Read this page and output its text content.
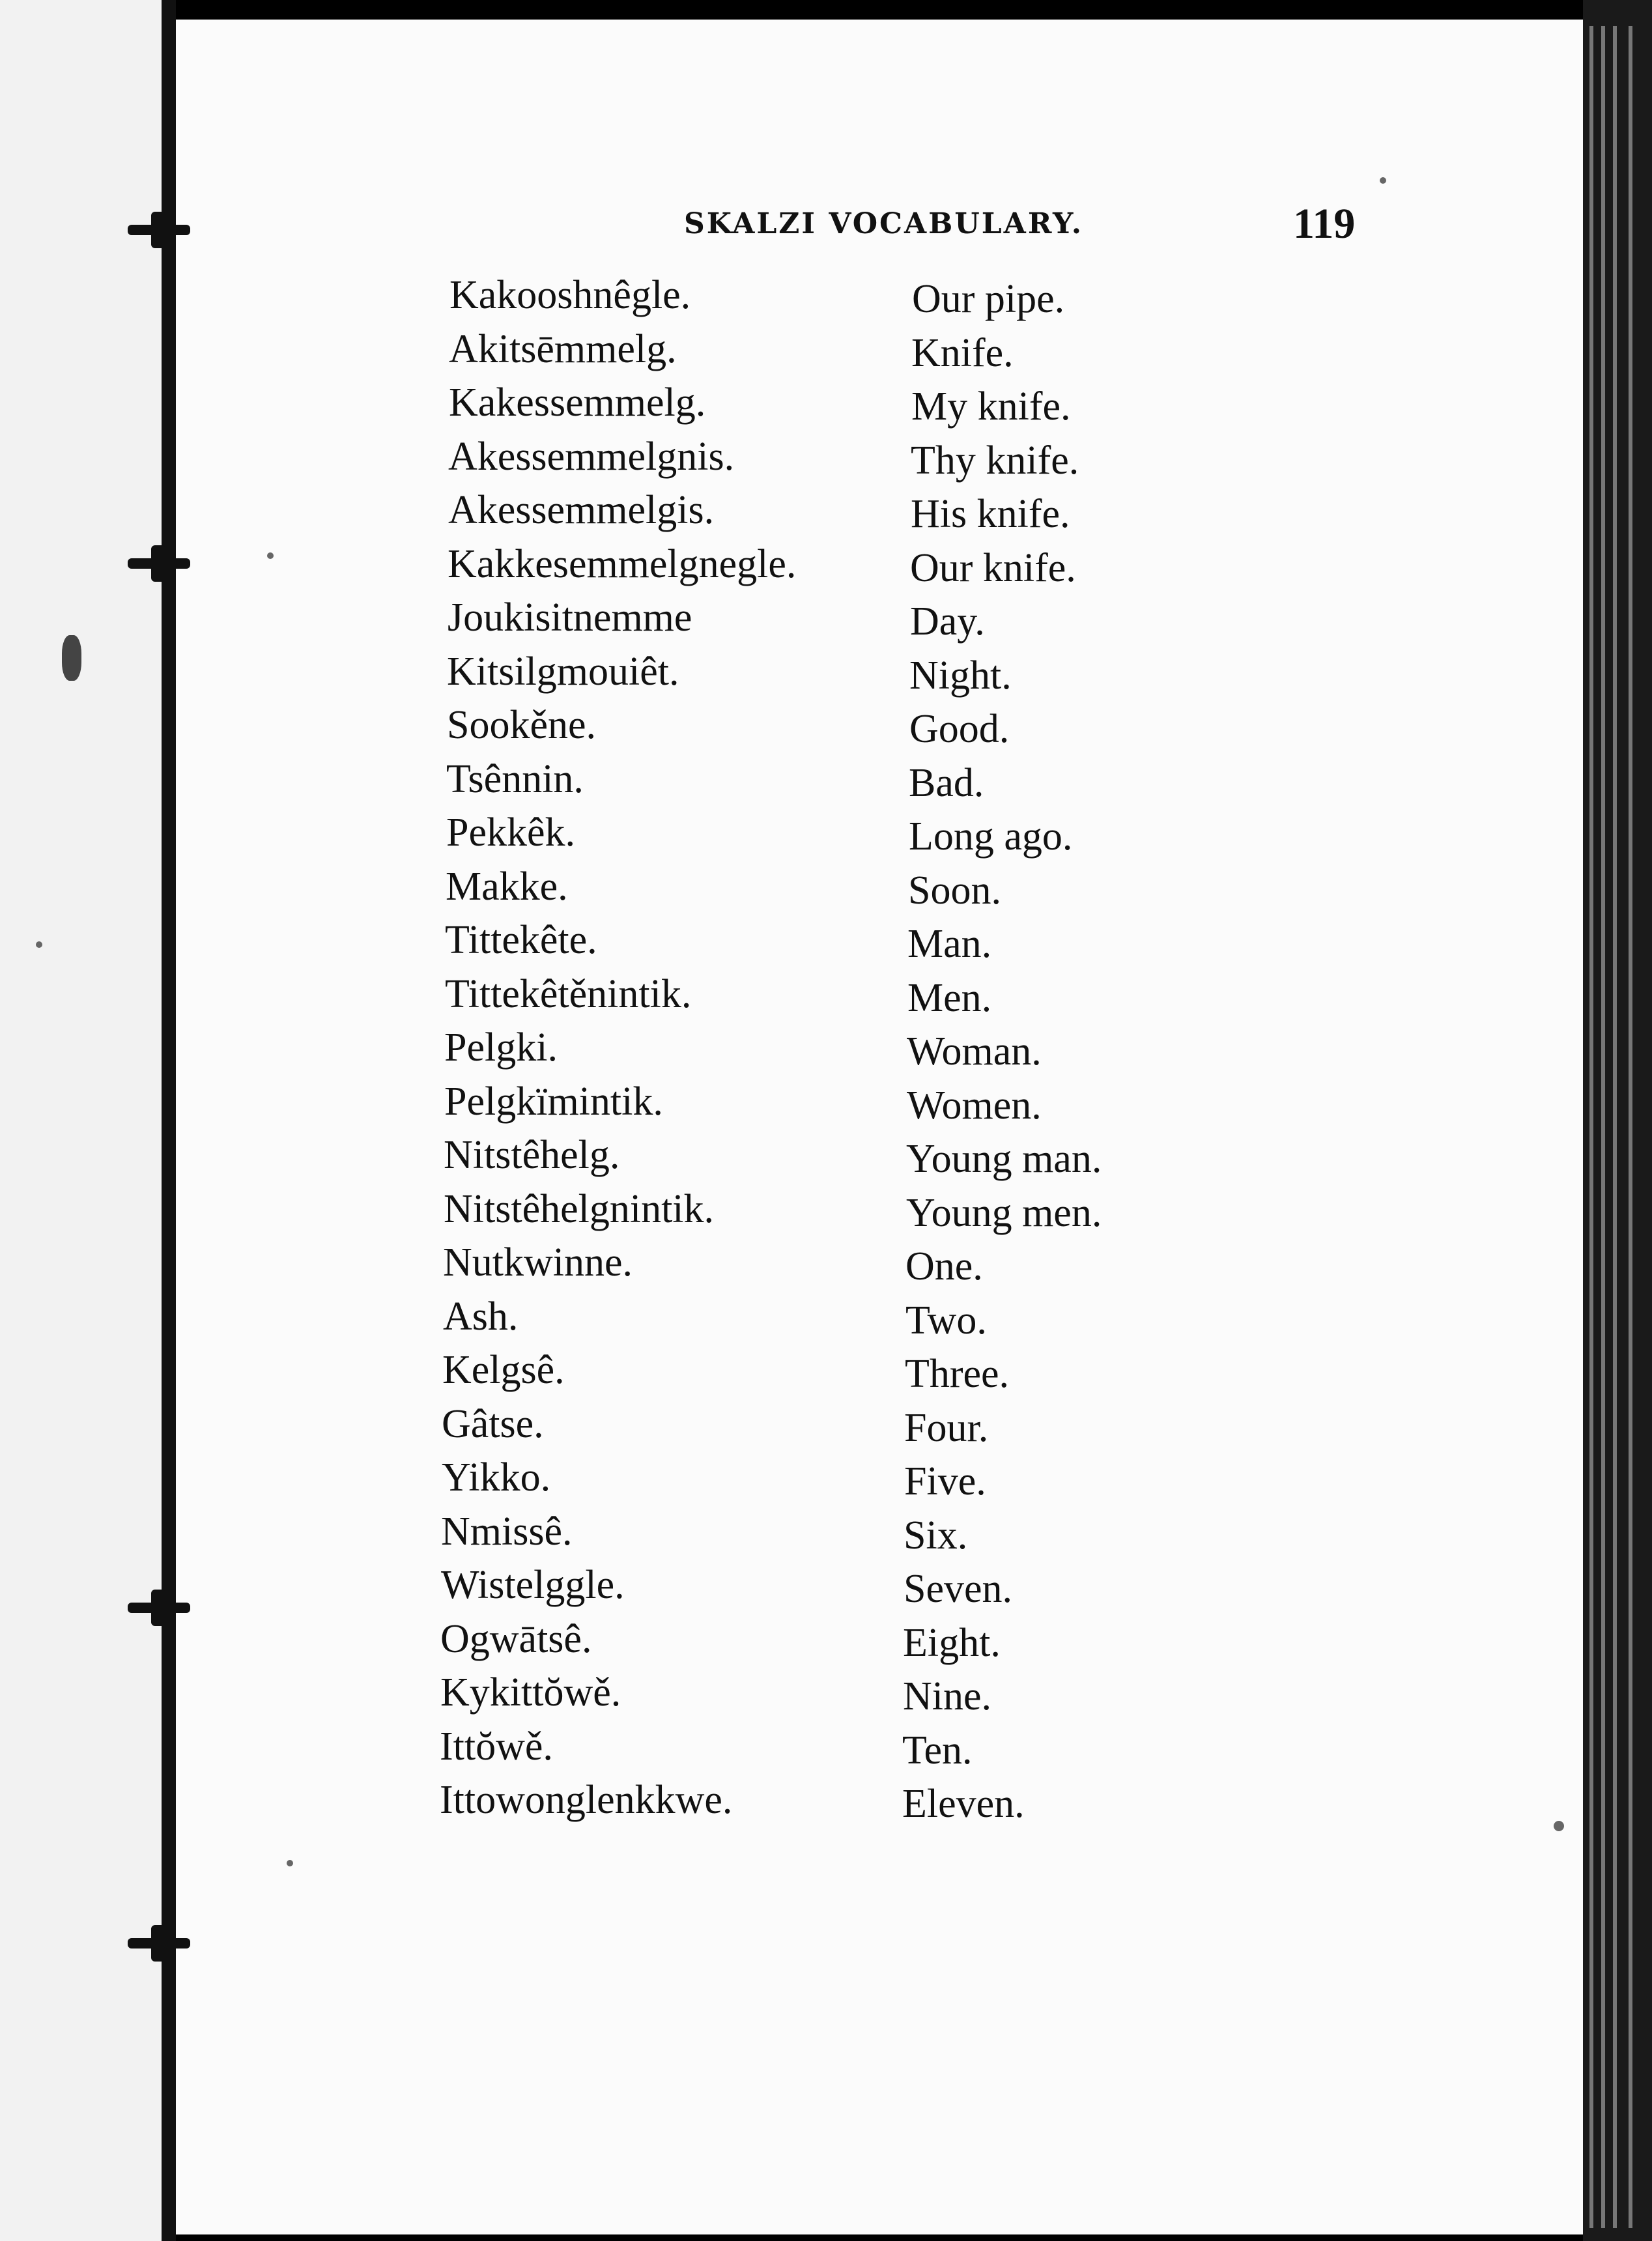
SKALZI VOCABULARY.	119
Kakooshnêgle.	Our pipe.
Akitsēmmelg.	Knife.
Kakessemmelg.	My knife.
Akessemmelgnis.	Thy knife.
Akessemmelgis.	His knife.
Kakkesemmelgnegle.	Our knife.
Joukisitnemme	Day.
Kitsilgmouiêt.	Night.
Sookěne.	Good.
Tsênnin.	Bad.
Pekkêk.	Long ago.
Makke.	Soon.
Tittekête.	Man.
Tittekêtěnintik.	Men.
Pelgki.	Woman.
Pelgkïmintik.	Women.
Nitstêhelg.	Young man.
Nitstêhelgnintik.	Young men.
Nutkwinne.	One.
Ash.	Two.
Kelgsê.	Three.
Gâtse.	Four.
Yikko.	Five.
Nmissê.	Six.
Wistelggle.	Seven.
Ogwātsê.	Eight.
Kykittŏwě.	Nine.
Ittŏwě.	Ten.
Ittowonglenkkwe.	Eleven.
